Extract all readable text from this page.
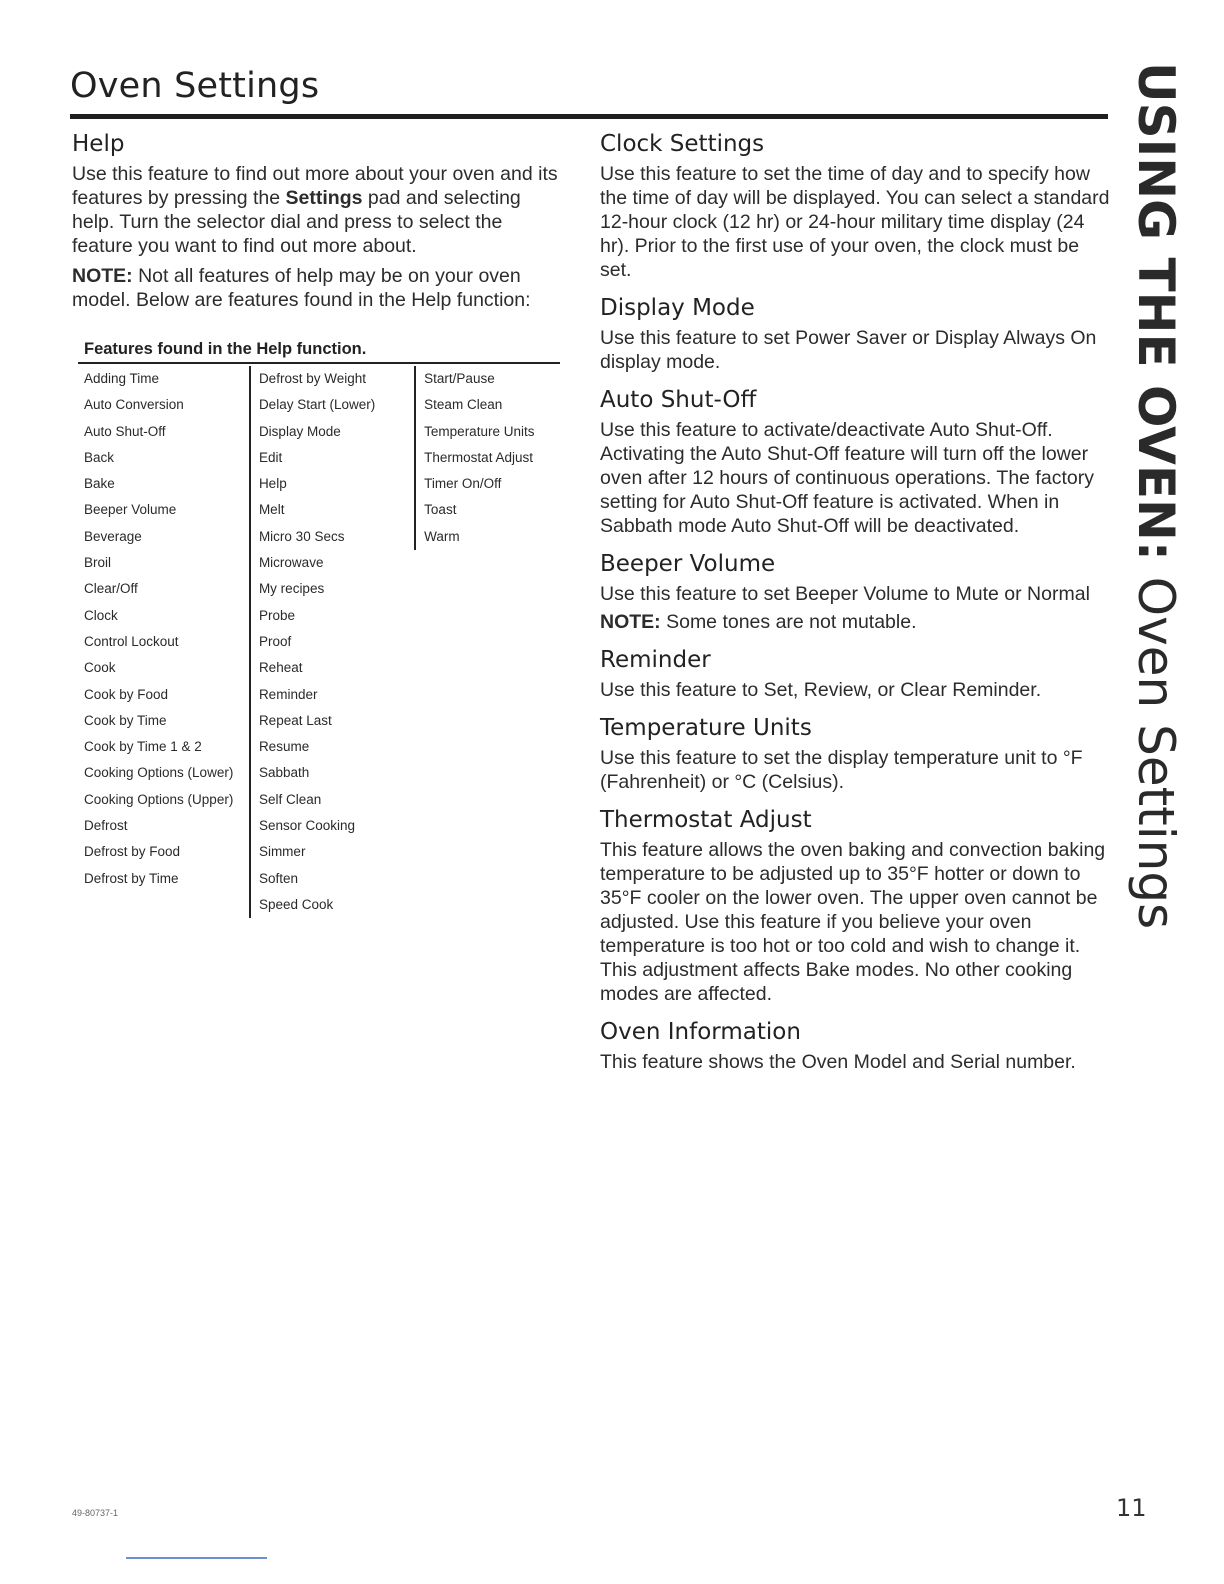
Oven Settings	USING THE OVEN: Oven Settings
Help

Use this feature to find out more about your oven and its features by pressing the Settings pad and selecting help. Turn the selector dial and press to select the feature you want to find out more about.

NOTE: Not all features of help may be on your oven model. Below are features found in the Help function:

Features found in the Help function.
Adding Time
Auto Conversion
Auto Shut-Off
Back
Bake
Beeper Volume
Beverage
Broil
Clear/Off
Clock
Control Lockout
Cook
Cook by Food
Cook by Time
Cook by Time 1 & 2
Cooking Options (Lower)
Cooking Options (Upper)
Defrost
Defrost by Food
Defrost by Time
Defrost by Weight
Delay Start (Lower)
Display Mode
Edit
Help
Melt
Micro 30 Secs
Microwave
My recipes
Probe
Proof
Reheat
Reminder
Repeat Last
Resume
Sabbath
Self Clean
Sensor Cooking
Simmer
Soften
Speed Cook
Start/Pause
Steam Clean
Temperature Units
Thermostat Adjust
Timer On/Off
Toast
Warm
Clock Settings

Use this feature to set the time of day and to specify how the time of day will be displayed. You can select a standard 12-hour clock (12 hr) or 24-hour military time display (24 hr). Prior to the first use of your oven, the clock must be set.

Display Mode

Use this feature to set Power Saver or Display Always On display mode.

Auto Shut-Off

Use this feature to activate/deactivate Auto Shut-Off. Activating the Auto Shut-Off feature will turn off the lower oven after 12 hours of continuous operations. The factory setting for Auto Shut-Off feature is activated. When in Sabbath mode Auto Shut-Off will be deactivated.

Beeper Volume

Use this feature to set Beeper Volume to Mute or Normal

NOTE: Some tones are not mutable.

Reminder

Use this feature to Set, Review, or Clear Reminder.

Temperature Units

Use this feature to set the display temperature unit to °F (Fahrenheit) or °C (Celsius).

Thermostat Adjust

This feature allows the oven baking and convection baking temperature to be adjusted up to 35°F hotter or down to 35°F cooler on the lower oven. The upper oven cannot be adjusted. Use this feature if you believe your oven temperature is too hot or too cold and wish to change it. This adjustment affects Bake modes. No other cooking modes are affected.

Oven Information

This feature shows the Oven Model and Serial number.

49-80737-1	11
